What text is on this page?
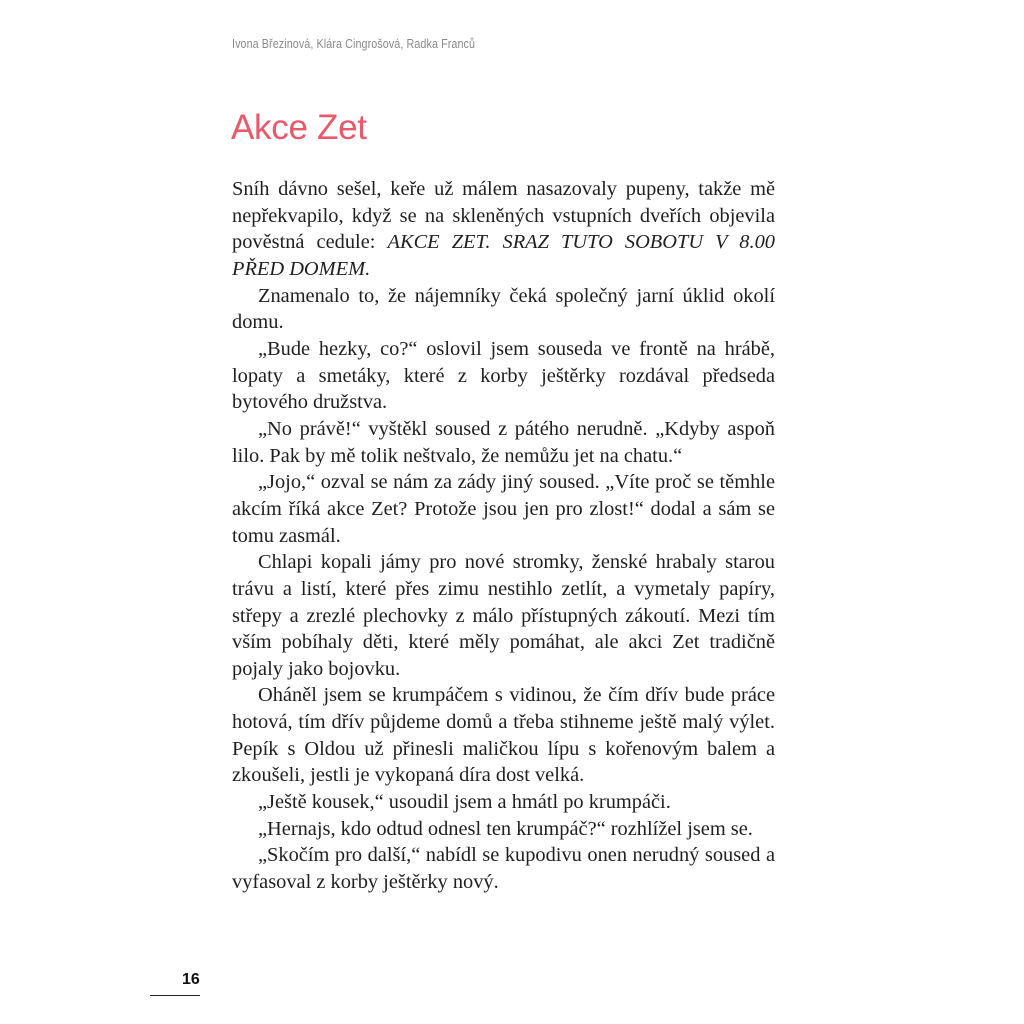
Ivona Březinová, Klára Cingrošová, Radka Franců
Akce Zet

Sníh dávno sešel, keře už málem nasazovaly pupeny, takže mě nepřekvapilo, když se na skleněných vstupních dveřích objevila pověstná cedule: AKCE ZET. SRAZ TUTO SOBOTU V 8.00 PŘED DOMEM.

Znamenalo to, že nájemníky čeká společný jarní úklid okolí domu.

„Bude hezky, co?“ oslovil jsem souseda ve frontě na hrábě, lopaty a smetáky, které z korby ještěrky rozdával předseda bytového družstva.

„No právě!“ vyštěkl soused z pátého nerudně. „Kdyby aspoň lilo. Pak by mě tolik neštvalo, že nemůžu jet na chatu.“

„Jojo,“ ozval se nám za zády jiný soused. „Víte proč se těmhle akcím říká akce Zet? Protože jsou jen pro zlost!“ dodal a sám se tomu zasmál.

Chlapi kopali jámy pro nové stromky, ženské hrabaly starou trávu a listí, které přes zimu nestihlo zetlít, a vymetaly papíry, střepy a zrezlé plechovky z málo přístupných zákoutí. Mezi tím vším pobíhaly děti, které měly pomáhat, ale akci Zet tradičně pojaly jako bojovku.

Oháněl jsem se krumpáčem s vidinou, že čím dřív bude práce hotová, tím dřív půjdeme domů a třeba stihneme ještě malý výlet. Pepík s Oldou už přinesli maličkou lípu s kořenovým balem a zkoušeli, jestli je vykopaná díra dost velká.

„Ještě kousek,“ usoudil jsem a hmátl po krumpáči.

„Hernajs, kdo odtud odnesl ten krumpáč?“ rozhlížel jsem se.

„Skočím pro další,“ nabídl se kupodivu onen nerudný soused a vyfasoval z korby ještěrky nový.

16
